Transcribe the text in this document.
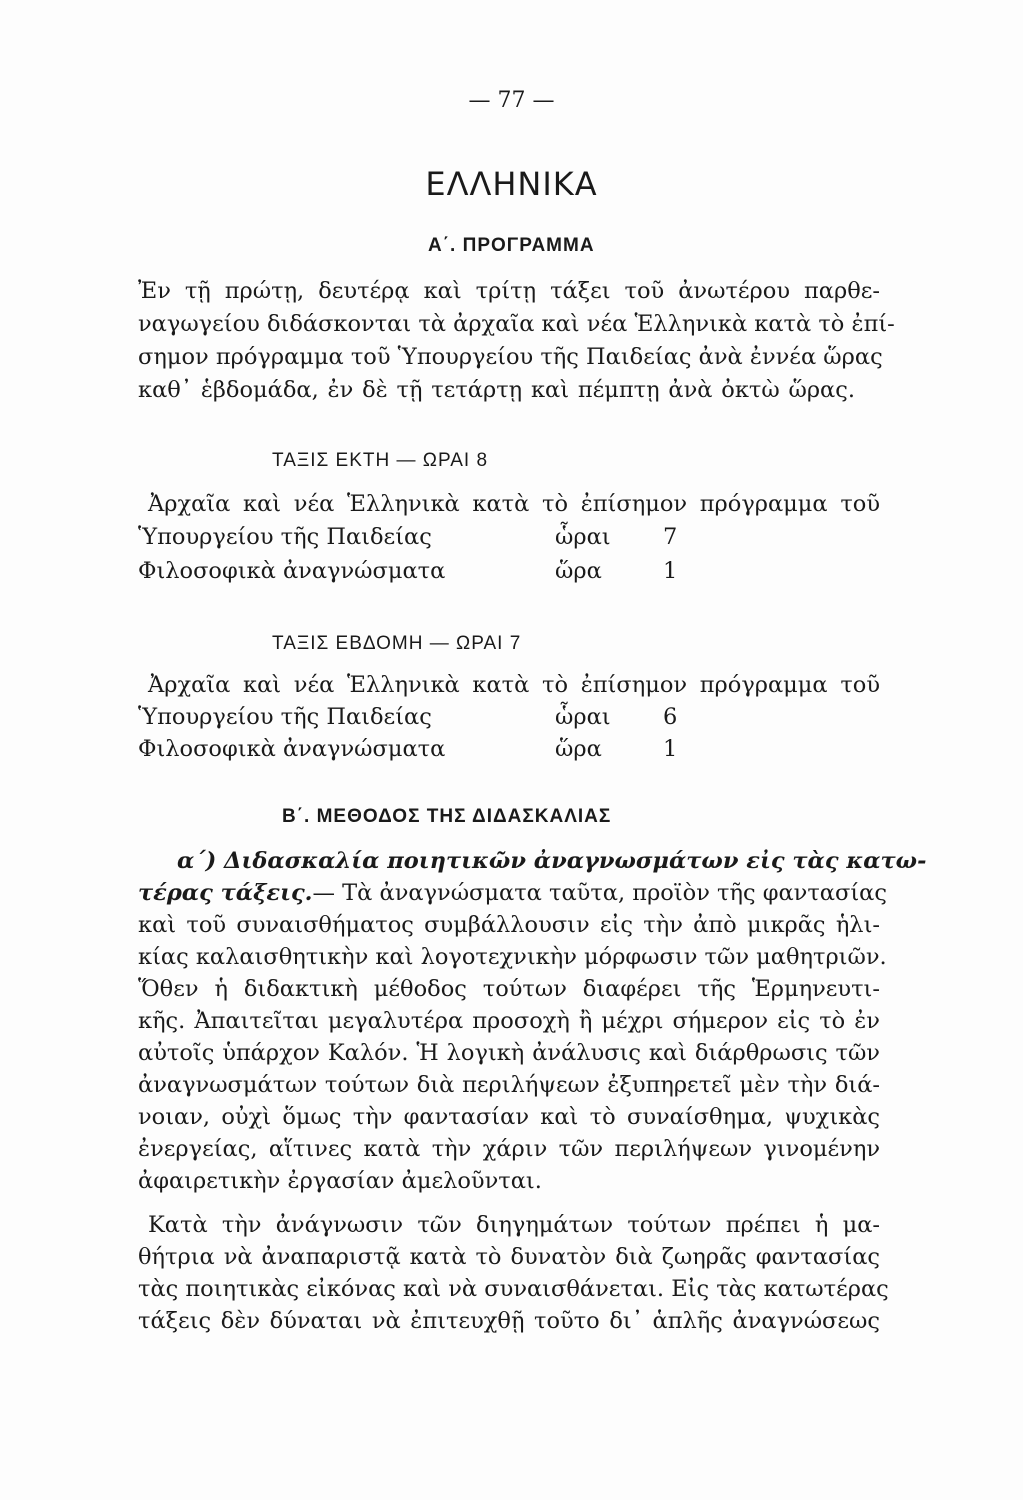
— 77 —
ΕΛΛΗΝΙΚΑ
Α΄. ΠΡΟΓΡΑΜΜΑ
Ἐν τῇ πρώτῃ, δευτέρᾳ καὶ τρίτῃ τάξει τοῦ ἀνωτέρου παρθε-
ναγωγείου διδάσκονται τὰ ἀρχαῖα καὶ νέα Ἑλληνικὰ κατὰ τὸ ἐπί-
σημον πρόγραμμα τοῦ Ὑπουργείου τῆς Παιδείας ἀνὰ ἐννέα ὥρας
καθ᾽ ἑβδομάδα, ἐν δὲ τῇ τετάρτῃ καὶ πέμπτῃ ἀνὰ ὀκτὼ ὥρας.
ΤΑΞΙΣ ΕΚΤΗ — ΩΡΑΙ 8
Ἀρχαῖα καὶ νέα Ἑλληνικὰ κατὰ τὸ ἐπίσημον πρόγραμμα τοῦ
Ὑπουργείου τῆς Παιδείας	ὧραι 7
Φιλοσοφικὰ ἀναγνώσματα	ὥρα	1
ΤΑΞΙΣ ΕΒΔΟΜΗ — ΩΡΑΙ 7
Ἀρχαῖα καὶ νέα Ἑλληνικὰ κατὰ τὸ ἐπίσημον πρόγραμμα τοῦ
Ὑπουργείου τῆς Παιδείας	ὧραι 6
Φιλοσοφικὰ ἀναγνώσματα	ὥρα	1
Β΄. ΜΕΘΟΔΟΣ ΤΗΣ ΔΙΔΑΣΚΑΛΙΑΣ
α΄) Διδασκαλία ποιητικῶν ἀναγνωσμάτων εἰς τὰς κατω-
τέρας τάξεις.— Τὰ ἀναγνώσματα ταῦτα, προϊὸν τῆς φαντασίας
καὶ τοῦ συναισθήματος συμβάλλουσιν εἰς τὴν ἀπὸ μικρᾶς ἡλι-
κίας καλαισθητικὴν καὶ λογοτεχνικὴν μόρφωσιν τῶν μαθητριῶν.
Ὅθεν ἡ διδακτικὴ μέθοδος τούτων διαφέρει τῆς Ἑρμηνευτι-
κῆς. Ἀπαιτεῖται μεγαλυτέρα προσοχὴ ἢ μέχρι σήμερον εἰς τὸ ἐν
αὐτοῖς ὑπάρχον Καλόν. Ἡ λογικὴ ἀνάλυσις καὶ διάρθρωσις τῶν
ἀναγνωσμάτων τούτων διὰ περιλήψεων ἐξυπηρετεῖ μὲν τὴν διά-
νοιαν, οὐχὶ ὅμως τὴν φαντασίαν καὶ τὸ συναίσθημα, ψυχικὰς
ἐνεργείας, αἵτινες κατὰ τὴν χάριν τῶν περιλήψεων γινομένην
ἀφαιρετικὴν ἐργασίαν ἀμελοῦνται.
Κατὰ τὴν ἀνάγνωσιν τῶν διηγημάτων τούτων πρέπει ἡ μα-
θήτρια νὰ ἀναπαριστᾷ κατὰ τὸ δυνατὸν διὰ ζωηρᾶς φαντασίας
τὰς ποιητικὰς εἰκόνας καὶ νὰ συναισθάνεται. Εἰς τὰς κατωτέρας
τάξεις δὲν δύναται νὰ ἐπιτευχθῇ τοῦτο δι᾽ ἁπλῆς ἀναγνώσεως
